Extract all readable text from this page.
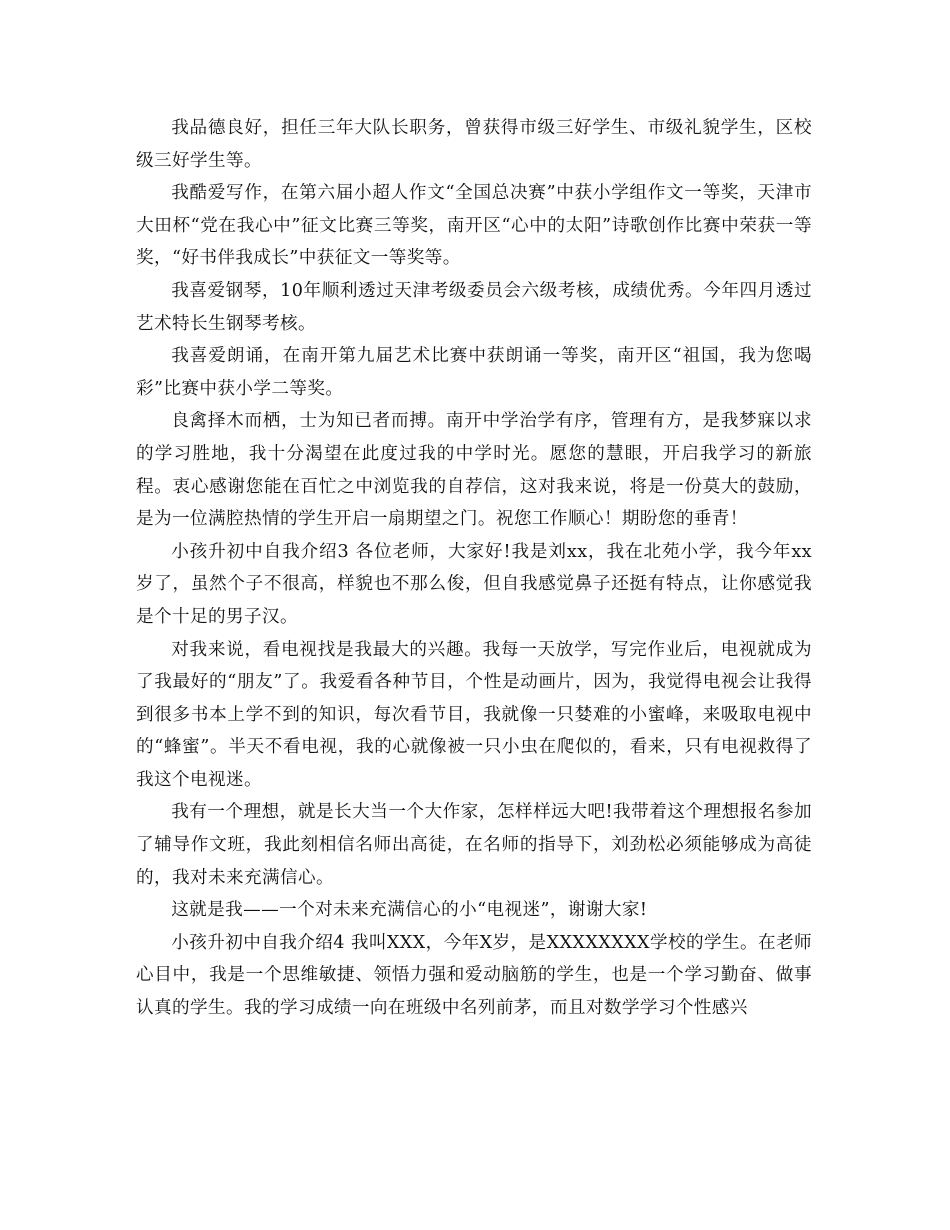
我品德良好，担任三年大队长职务，曾获得市级三好学生、市级礼貌学生，区校级三好学生等。

我酷爱写作，在第六届小超人作文“全国总决赛”中获小学组作文一等奖，天津市大田杯“党在我心中”征文比赛三等奖，南开区“心中的太阳”诗歌创作比赛中荣获一等奖，“好书伴我成长”中获征文一等奖等。

我喜爱钢琴，10年顺利透过天津考级委员会六级考核，成绩优秀。今年四月透过艺术特长生钢琴考核。

我喜爱朗诵，在南开第九届艺术比赛中获朗诵一等奖，南开区“祖国，我为您喝彩”比赛中获小学二等奖。

良禽择木而栖，士为知已者而搏。南开中学治学有序，管理有方，是我梦寐以求的学习胜地，我十分渴望在此度过我的中学时光。愿您的慧眼，开启我学习的新旅程。衷心感谢您能在百忙之中浏览我的自荐信，这对我来说，将是一份莫大的鼓励，是为一位满腔热情的学生开启一扇期望之门。祝您工作顺心！期盼您的垂青！

小孩升初中自我介绍3 各位老师，大家好!我是刘xx，我在北苑小学，我今年xx岁了，虽然个子不很高，样貌也不那么俊，但自我感觉鼻子还挺有特点，让你感觉我是个十足的男子汉。

对我来说，看电视找是我最大的兴趣。我每一天放学，写完作业后，电视就成为了我最好的“朋友”了。我爱看各种节目，个性是动画片，因为，我觉得电视会让我得到很多书本上学不到的知识，每次看节目，我就像一只婪难的小蜜峰，来吸取电视中的“蜂蜜”。半天不看电视，我的心就像被一只小虫在爬似的，看来，只有电视救得了我这个电视迷。

我有一个理想，就是长大当一个大作家，怎样样远大吧!我带着这个理想报名参加了辅导作文班，我此刻相信名师出高徒，在名师的指导下，刘劲松必须能够成为高徒的，我对未来充满信心。

这就是我——一个对未来充满信心的小“电视迷”，谢谢大家!

小孩升初中自我介绍4 我叫XXX，今年X岁，是XXXXXXXX学校的学生。在老师心目中，我是一个思维敏捷、领悟力强和爱动脑筋的学生，也是一个学习勤奋、做事认真的学生。我的学习成绩一向在班级中名列前茅，而且对数学学习个性感兴
